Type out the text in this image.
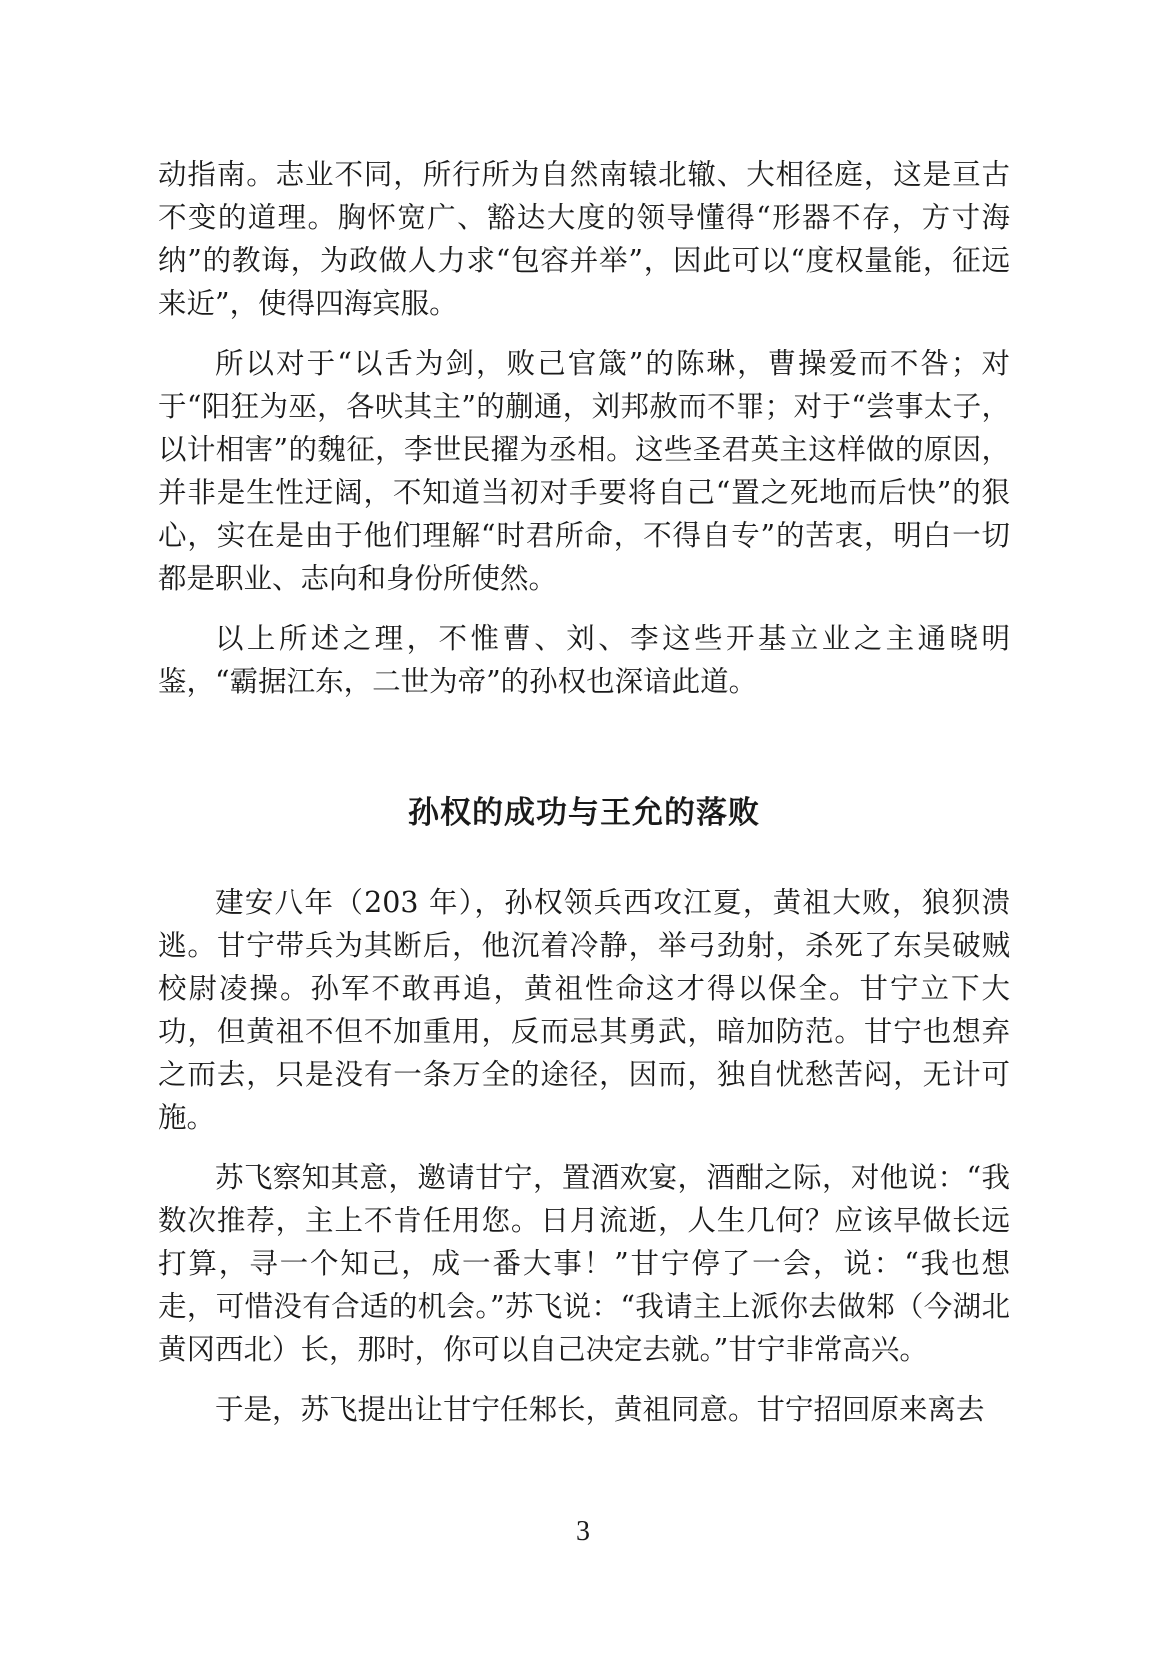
动指南。志业不同，所行所为自然南辕北辙、大相径庭，这是亘古不变的道理。胸怀宽广、豁达大度的领导懂得“形器不存，方寸海纳”的教诲，为政做人力求“包容并举”，因此可以“度权量能，征远来近”，使得四海宾服。

所以对于“以舌为剑，败己官箴”的陈琳，曹操爱而不咎；对于“阳狂为巫，各吠其主”的蒯通，刘邦赦而不罪；对于“尝事太子，以计相害”的魏征，李世民擢为丞相。这些圣君英主这样做的原因，并非是生性迂阔，不知道当初对手要将自己“置之死地而后快”的狠心，实在是由于他们理解“时君所命，不得自专”的苦衷，明白一切都是职业、志向和身份所使然。

以上所述之理，不惟曹、刘、李这些开基立业之主通晓明鉴，“霸据江东，二世为帝”的孙权也深谙此道。

孙权的成功与王允的落败

建安八年（203 年），孙权领兵西攻江夏，黄祖大败，狼狈溃逃。甘宁带兵为其断后，他沉着冷静，举弓劲射，杀死了东吴破贼校尉凌操。孙军不敢再追，黄祖性命这才得以保全。甘宁立下大功，但黄祖不但不加重用，反而忌其勇武，暗加防范。甘宁也想弃之而去，只是没有一条万全的途径，因而，独自忧愁苦闷，无计可施。

苏飞察知其意，邀请甘宁，置酒欢宴，酒酣之际，对他说：“我数次推荐，主上不肯任用您。日月流逝，人生几何？应该早做长远打算，寻一个知己，成一番大事！”甘宁停了一会，说：“我也想走，可惜没有合适的机会。”苏飞说：“我请主上派你去做邾（今湖北黄冈西北）长，那时，你可以自己决定去就。”甘宁非常高兴。

于是，苏飞提出让甘宁任邾长，黄祖同意。甘宁招回原来离去

3
